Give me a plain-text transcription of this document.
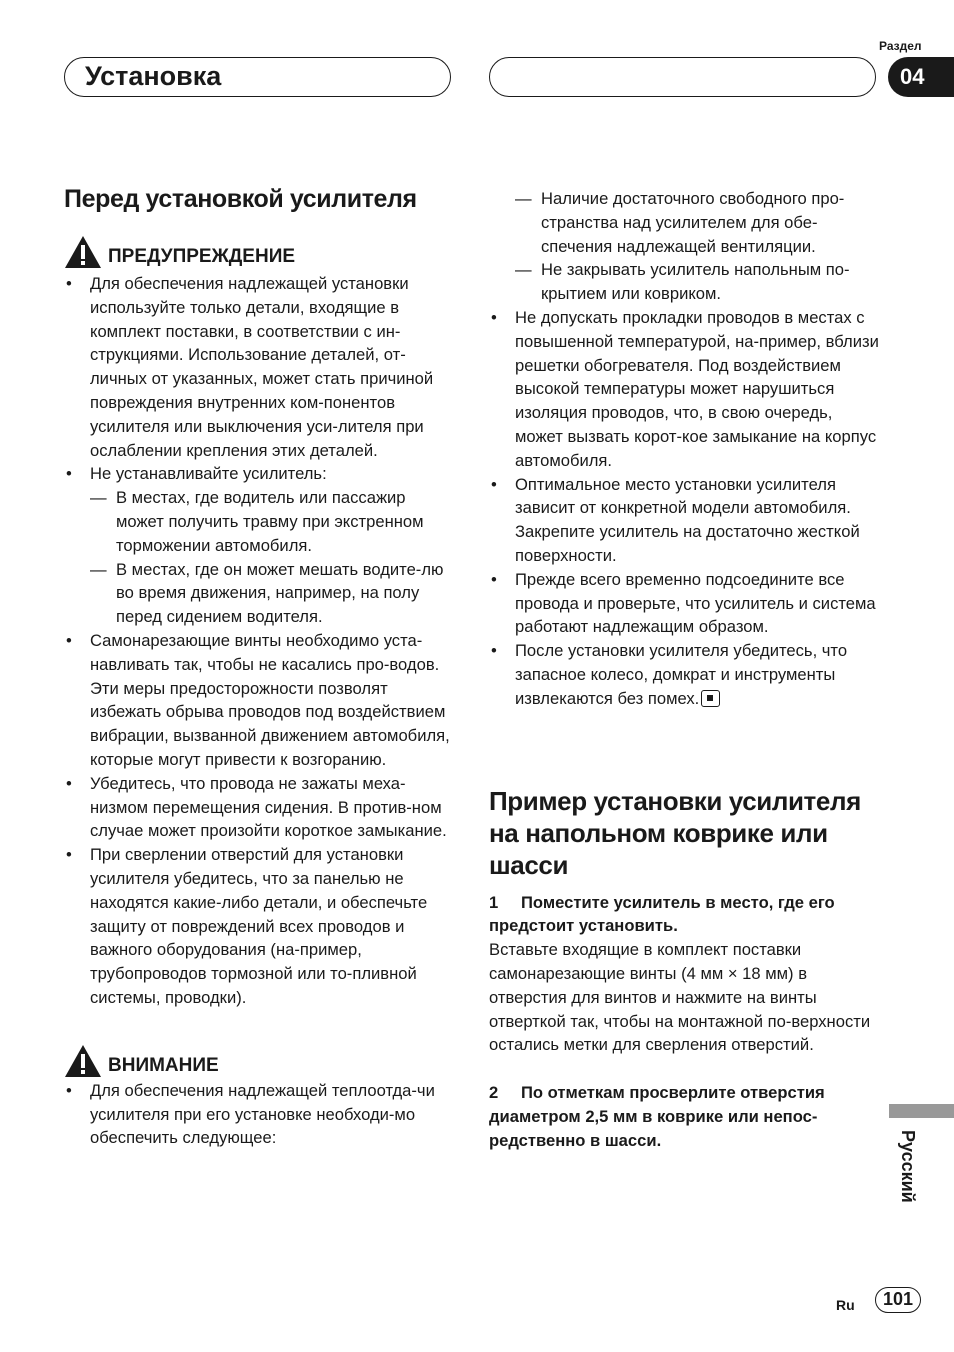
Установка
Раздел
04
Перед установкой усилителя
ПРЕДУПРЕЖДЕНИЕ
• Для обеспечения надлежащей установки используйте только детали, входящие в комплект поставки, в соответствии с ин-струкциями. Использование деталей, от-личных от указанных, может стать причиной повреждения внутренних ком-понентов усилителя или выключения уси-лителя при ослаблении крепления этих деталей.
• Не устанавливайте усилитель:
— В местах, где водитель или пассажир может получить травму при экстренном торможении автомобиля.
— В местах, где он может мешать водите-лю во время движения, например, на полу перед сидением водителя.
• Самонарезающие винты необходимо уста-навливать так, чтобы не касались про-водов. Эти меры предосторожности позволят избежать обрыва проводов под воздействием вибрации, вызванной движением автомобиля, которые могут привести к возгоранию.
• Убедитесь, что провода не зажаты меха-низмом перемещения сидения. В против-ном случае может произойти короткое замыкание.
• При сверлении отверстий для установки усилителя убедитесь, что за панелью не находятся какие-либо детали, и обеспечьте защиту от повреждений всех проводов и важного оборудования (на-пример, трубопроводов тормозной или то-пливной системы, проводки).
ВНИМАНИЕ
• Для обеспечения надлежащей теплоотда-чи усилителя при его установке необходи-мо обеспечить следующее:
— Наличие достаточного свободного про-странства над усилителем для обе-спечения надлежащей вентиляции.
— Не закрывать усилитель напольным по-крытием или ковриком.
• Не допускать прокладки проводов в местах с повышенной температурой, на-пример, вблизи решетки обогревателя. Под воздействием высокой температуры может нарушиться изоляция проводов, что, в свою очередь, может вызвать корот-кое замыкание на корпус автомобиля.
• Оптимальное место установки усилителя зависит от конкретной модели автомобиля. Закрепите усилитель на достаточно жесткой поверхности.
• Прежде всего временно подсоедините все провода и проверьте, что усилитель и система работают надлежащим образом.
• После установки усилителя убедитесь, что запасное колесо, домкрат и инструменты извлекаются без помех.
Пример установки усилителя на напольном коврике или шасси
1 Поместите усилитель в место, где его предстоит установить.
Вставьте входящие в комплект поставки самонарезающие винты (4 мм × 18 мм) в отверстия для винтов и нажмите на винты отверткой так, чтобы на монтажной по-верхности остались метки для сверления отверстий.
2 По отметкам просверлите отверстия диаметром 2,5 мм в коврике или непос-редственно в шасси.	Русский
Ru	101
